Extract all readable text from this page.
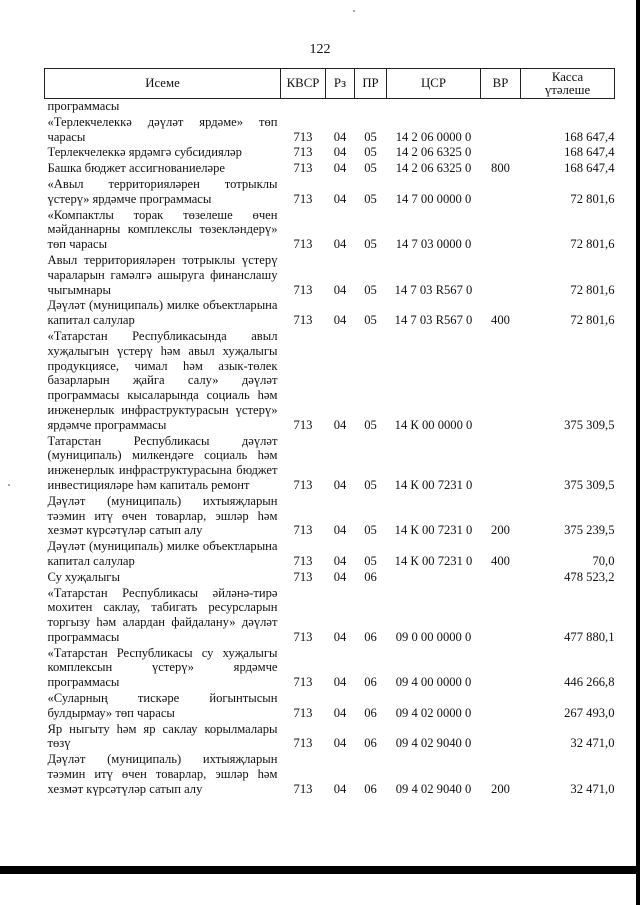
122
Исеме	КВСР	Рз	ПР	ЦСР	ВР	Касса
үтәлеше
программасы						
«Терлекчелеккә дәүләт ярдәме» төп чарасы	713	04	05	14 2 06 0000 0		168 647,4
Терлекчелеккә ярдәмгә субсидияләр	713	04	05	14 2 06 6325 0		168 647,4
Башка бюджет ассигнованиеләре	713	04	05	14 2 06 6325 0	800	168 647,4
«Авыл территорияләрен тотрыклы үстерү» ярдәмче программасы	713	04	05	14 7 00 0000 0		72 801,6
«Компактлы торак төзелеше өчен мәйданнарны комплекслы төзекләндерү» төп чарасы	713	04	05	14 7 03 0000 0		72 801,6
Авыл территорияләрен тотрыклы үстерү чараларын гамәлгә ашыруга финанслашу чыгымнары	713	04	05	14 7 03 R567 0		72 801,6
Дәүләт (муниципаль) милке объектларына капитал салулар	713	04	05	14 7 03 R567 0	400	72 801,6
«Татарстан Республикасында авыл хуҗалыгын үстерү һәм авыл хуҗалыгы продукциясе, чимал һәм азык-төлек базарларын җайга салу» дәүләт программасы кысаларында социаль һәм инженерлык инфраструктурасын үстерү» ярдәмче программасы	713	04	05	14 К 00 0000 0		375 309,5
Татарстан Республикасы дәүләт (муниципаль) милкендәге социаль һәм инженерлык инфраструктурасына бюджет инвестицияләре һәм капиталь ремонт	713	04	05	14 К 00 7231 0		375 309,5
Дәүләт (муниципаль) ихтыяҗларын тәэмин итү өчен товарлар, эшләр һәм хезмәт күрсәтүләр сатып алу	713	04	05	14 К 00 7231 0	200	375 239,5
Дәүләт (муниципаль) милке объектларына капитал салулар	713	04	05	14 К 00 7231 0	400	70,0
Су хуҗалыгы	713	04	06			478 523,2
«Татарстан Республикасы әйләнә-тирә мохитен саклау, табигать ресурсларын торгызу һәм алардан файдалану» дәүләт программасы	713	04	06	09 0 00 0000 0		477 880,1
«Татарстан Республикасы су хуҗалыгы комплексын үстерү» ярдәмче программасы	713	04	06	09 4 00 0000 0		446 266,8
«Суларның тискәре йогынтысын булдырмау» төп чарасы	713	04	06	09 4 02 0000 0		267 493,0
Яр ныгыту һәм яр саклау корылмалары төзү	713	04	06	09 4 02 9040 0		32 471,0
Дәүләт (муниципаль) ихтыяҗларын тәэмин итү өчен товарлар, эшләр һәм хезмәт күрсәтүләр сатып алу	713	04	06	09 4 02 9040 0	200	32 471,0
